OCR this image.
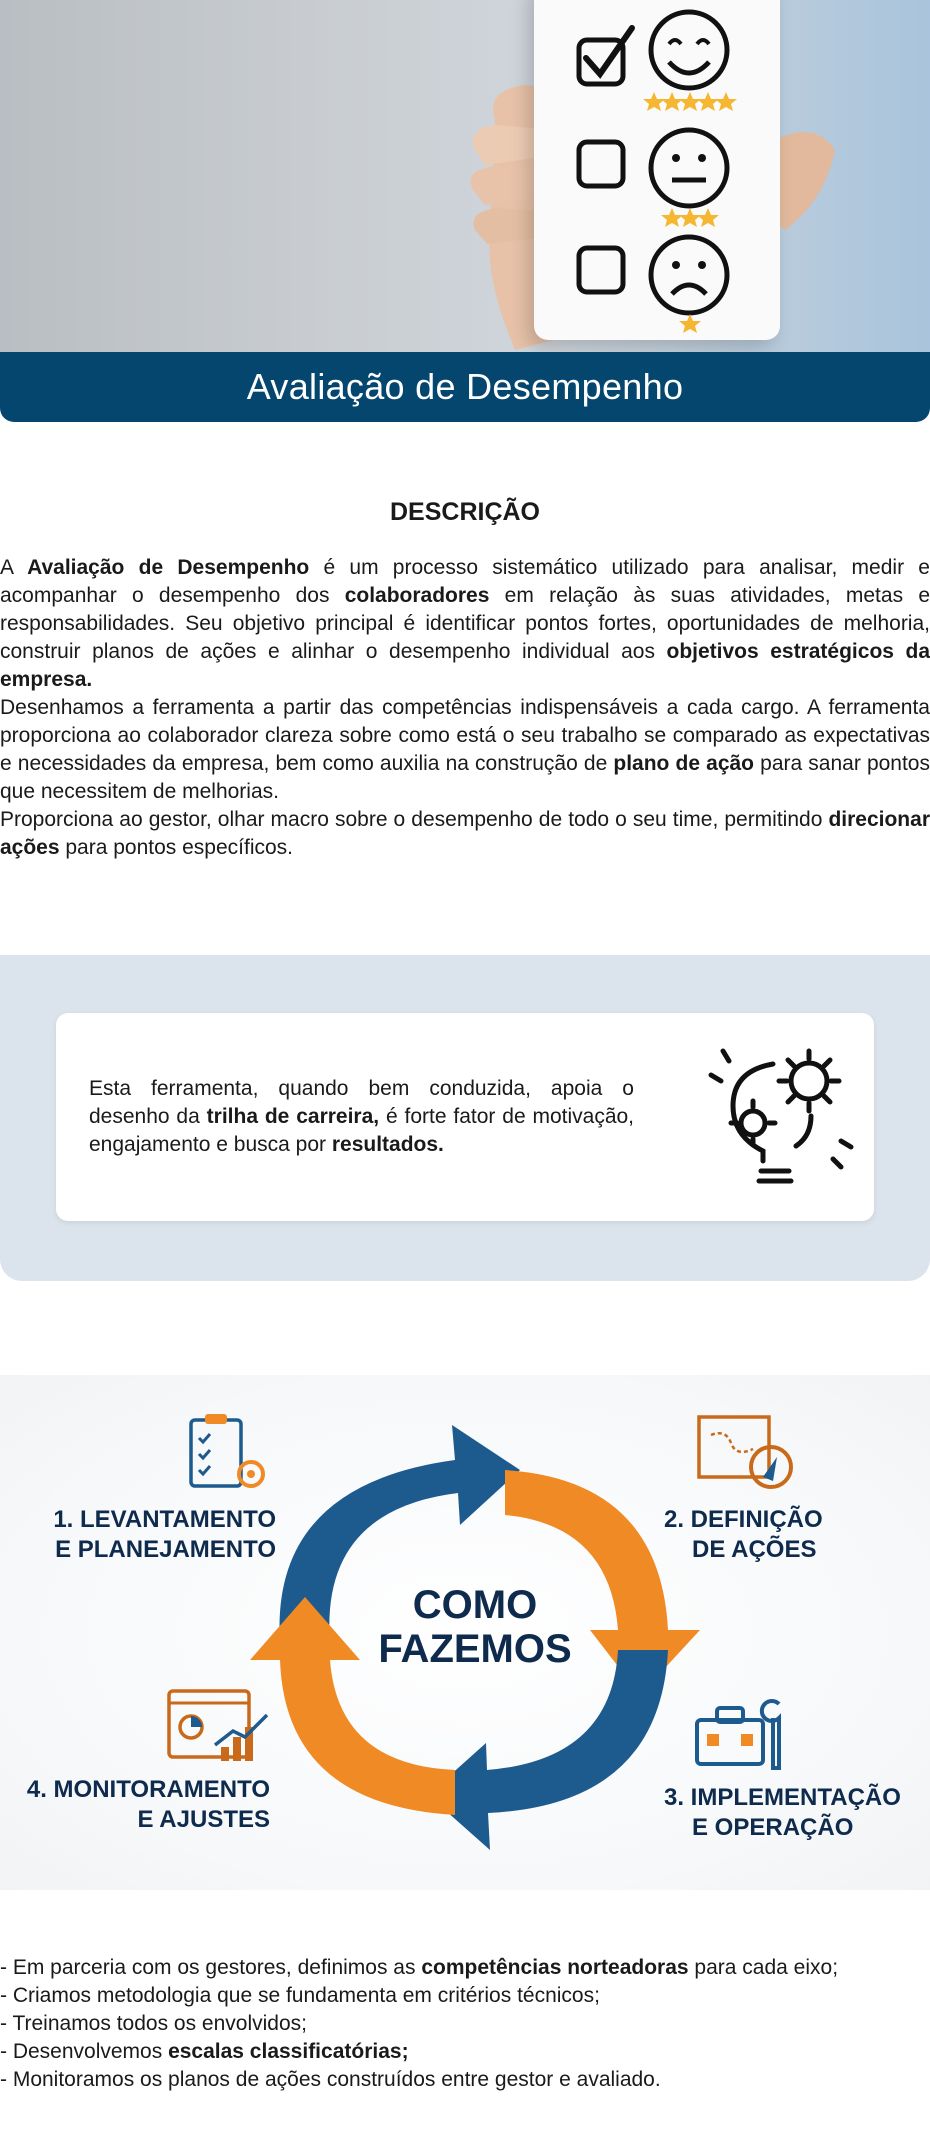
Avaliação de Desempenho
DESCRIÇÃO

A Avaliação de Desempenho é um processo sistemático utilizado para analisar, medir e acompanhar o desempenho dos colaboradores em relação às suas atividades, metas e responsabilidades. Seu objetivo principal é identificar pontos fortes, oportunidades de melhoria, construir planos de ações e alinhar o desempenho individual aos objetivos estratégicos da empresa.

Desenhamos a ferramenta a partir das competências indispensáveis a cada cargo. A ferramenta proporciona ao colaborador clareza sobre como está o seu trabalho se comparado as expectativas e necessidades da empresa, bem como auxilia na construção de plano de ação para sanar pontos que necessitem de melhorias.

Proporciona ao gestor, olhar macro sobre o desempenho de todo o seu time, permitindo direcionar ações para pontos específicos.

Esta ferramenta, quando bem conduzida, apoia o desenho da trilha de carreira, é forte fator de motivação, engajamento e busca por resultados.
COMO
FAZEMOS
1. LEVANTAMENTO
E PLANEJAMENTO
2. DEFINIÇÃO
DE AÇÕES
3. IMPLEMENTAÇÃO
E OPERAÇÃO
4. MONITORAMENTO
E AJUSTES
- Em parceria com os gestores, definimos as competências norteadoras para cada eixo;
- Criamos metodologia que se fundamenta em critérios técnicos;
- Treinamos todos os envolvidos;
- Desenvolvemos escalas classificatórias;
- Monitoramos os planos de ações construídos entre gestor e avaliado.
